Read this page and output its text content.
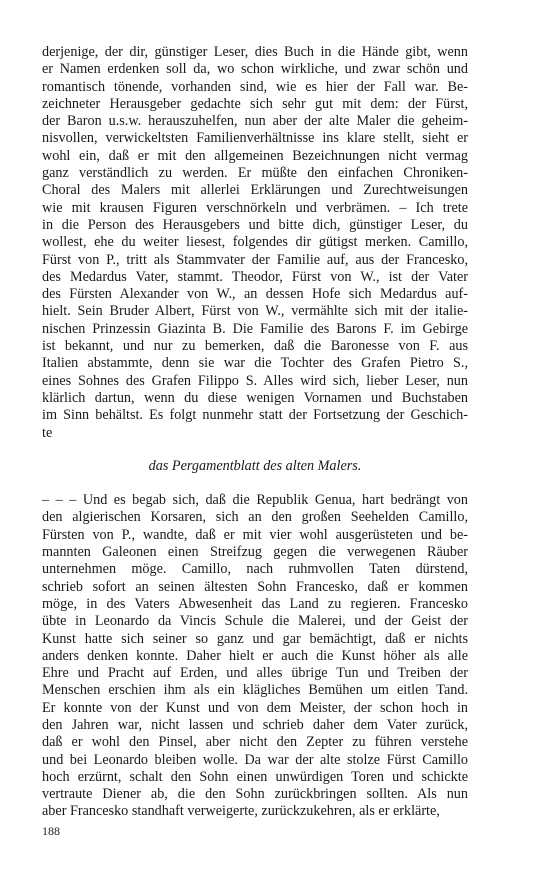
derjenige, der dir, günstiger Leser, dies Buch in die Hände gibt, wenn
er Namen erdenken soll da, wo schon wirkliche, und zwar schön und
romantisch tönende, vorhanden sind, wie es hier der Fall war. Be-
zeichneter Herausgeber gedachte sich sehr gut mit dem: der Fürst,
der Baron u.s.w. herauszuhelfen, nun aber der alte Maler die geheim-
nisvollen, verwickeltsten Familienverhältnisse ins klare stellt, sieht er
wohl ein, daß er mit den allgemeinen Bezeichnungen nicht vermag
ganz verständlich zu werden. Er müßte den einfachen Chroniken-
Choral des Malers mit allerlei Erklärungen und Zurechtweisungen
wie mit krausen Figuren verschnörkeln und verbrämen. – Ich trete
in die Person des Herausgebers und bitte dich, günstiger Leser, du
wollest, ehe du weiter liesest, folgendes dir gütigst merken. Camillo,
Fürst von P., tritt als Stammvater der Familie auf, aus der Francesko,
des Medardus Vater, stammt. Theodor, Fürst von W., ist der Vater
des Fürsten Alexander von W., an dessen Hofe sich Medardus auf-
hielt. Sein Bruder Albert, Fürst von W., vermählte sich mit der italie-
nischen Prinzessin Giazinta B. Die Familie des Barons F. im Gebirge
ist bekannt, und nur zu bemerken, daß die Baronesse von F. aus
Italien abstammte, denn sie war die Tochter des Grafen Pietro S.,
eines Sohnes des Grafen Filippo S. Alles wird sich, lieber Leser, nun
klärlich dartun, wenn du diese wenigen Vornamen und Buchstaben
im Sinn behältst. Es folgt nunmehr statt der Fortsetzung der Geschich-
te
das Pergamentblatt des alten Malers.
– – – Und es begab sich, daß die Republik Genua, hart bedrängt von
den algierischen Korsaren, sich an den großen Seehelden Camillo,
Fürsten von P., wandte, daß er mit vier wohl ausgerüsteten und be-
mannten Galeonen einen Streifzug gegen die verwegenen Räuber
unternehmen möge. Camillo, nach ruhmvollen Taten dürstend,
schrieb sofort an seinen ältesten Sohn Francesko, daß er kommen
möge, in des Vaters Abwesenheit das Land zu regieren. Francesko
übte in Leonardo da Vincis Schule die Malerei, und der Geist der
Kunst hatte sich seiner so ganz und gar bemächtigt, daß er nichts
anders denken konnte. Daher hielt er auch die Kunst höher als alle
Ehre und Pracht auf Erden, und alles übrige Tun und Treiben der
Menschen erschien ihm als ein klägliches Bemühen um eitlen Tand.
Er konnte von der Kunst und von dem Meister, der schon hoch in
den Jahren war, nicht lassen und schrieb daher dem Vater zurück,
daß er wohl den Pinsel, aber nicht den Zepter zu führen verstehe
und bei Leonardo bleiben wolle. Da war der alte stolze Fürst Camillo
hoch erzürnt, schalt den Sohn einen unwürdigen Toren und schickte
vertraute Diener ab, die den Sohn zurückbringen sollten. Als nun
aber Francesko standhaft verweigerte, zurückzukehren, als er erklärte,
188
